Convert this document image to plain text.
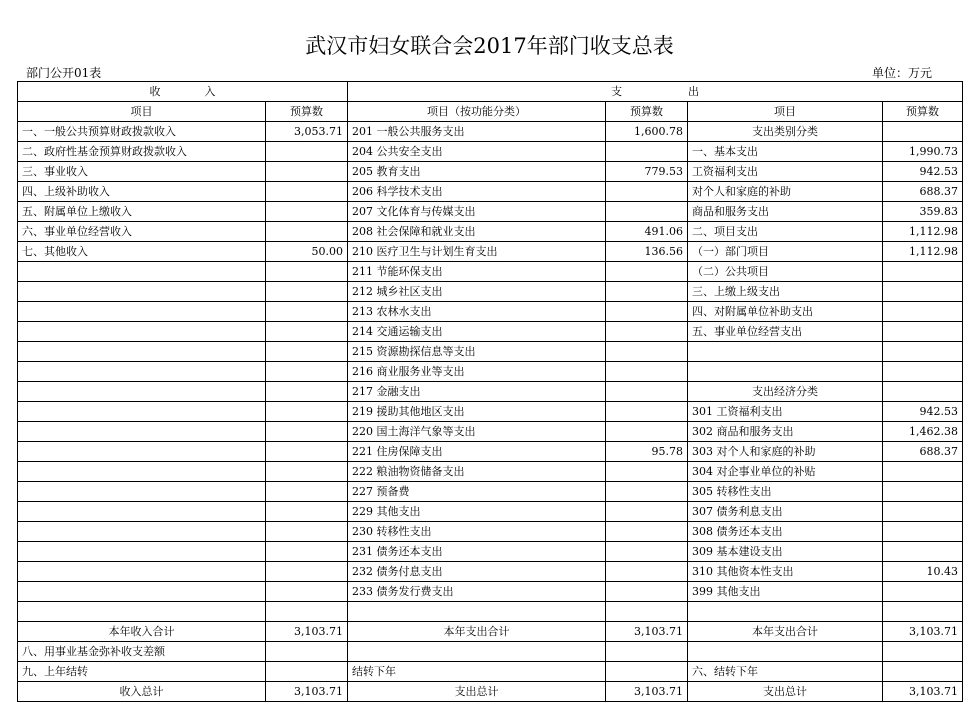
武汉市妇女联合会2017年部门收支总表
部门公开01表	单位：万元
收　　　　入		支　　　　　　出			
项目	预算数	项目（按功能分类）	预算数	项目	预算数
一、一般公共预算财政拨款收入	3,053.71	201 一般公共服务支出	1,600.78	支出类别分类	
二、政府性基金预算财政拨款收入		204 公共安全支出		一、基本支出	1,990.73
三、事业收入		205 教育支出	779.53	工资福利支出	942.53
四、上级补助收入		206 科学技术支出		对个人和家庭的补助	688.37
五、附属单位上缴收入		207 文化体育与传媒支出		商品和服务支出	359.83
六、事业单位经营收入		208 社会保障和就业支出	491.06	二、项目支出	1,112.98
七、其他收入	50.00	210 医疗卫生与计划生育支出	136.56	（一）部门项目	1,112.98
		211 节能环保支出		（二）公共项目	
		212 城乡社区支出		三、上缴上级支出	
		213 农林水支出		四、对附属单位补助支出	
		214 交通运输支出		五、事业单位经营支出	
		215 资源勘探信息等支出			
		216 商业服务业等支出			
		217 金融支出		支出经济分类	
		219 援助其他地区支出		301 工资福利支出	942.53
		220 国土海洋气象等支出		302 商品和服务支出	1,462.38
		221 住房保障支出	95.78	303 对个人和家庭的补助	688.37
		222 粮油物资储备支出		304 对企事业单位的补贴	
		227 预备费		305 转移性支出	
		229 其他支出		307 债务利息支出	
		230 转移性支出		308 债务还本支出	
		231 债务还本支出		309 基本建设支出	
		232 债务付息支出		310 其他资本性支出	10.43
		233 债务发行费支出		399 其他支出	

本年收入合计	3,103.71	本年支出合计	3,103.71	本年支出合计	3,103.71
八、用事业基金弥补收支差额					
九、上年结转		结转下年		六、结转下年	
收入总计	3,103.71	支出总计	3,103.71	支出总计	3,103.71
